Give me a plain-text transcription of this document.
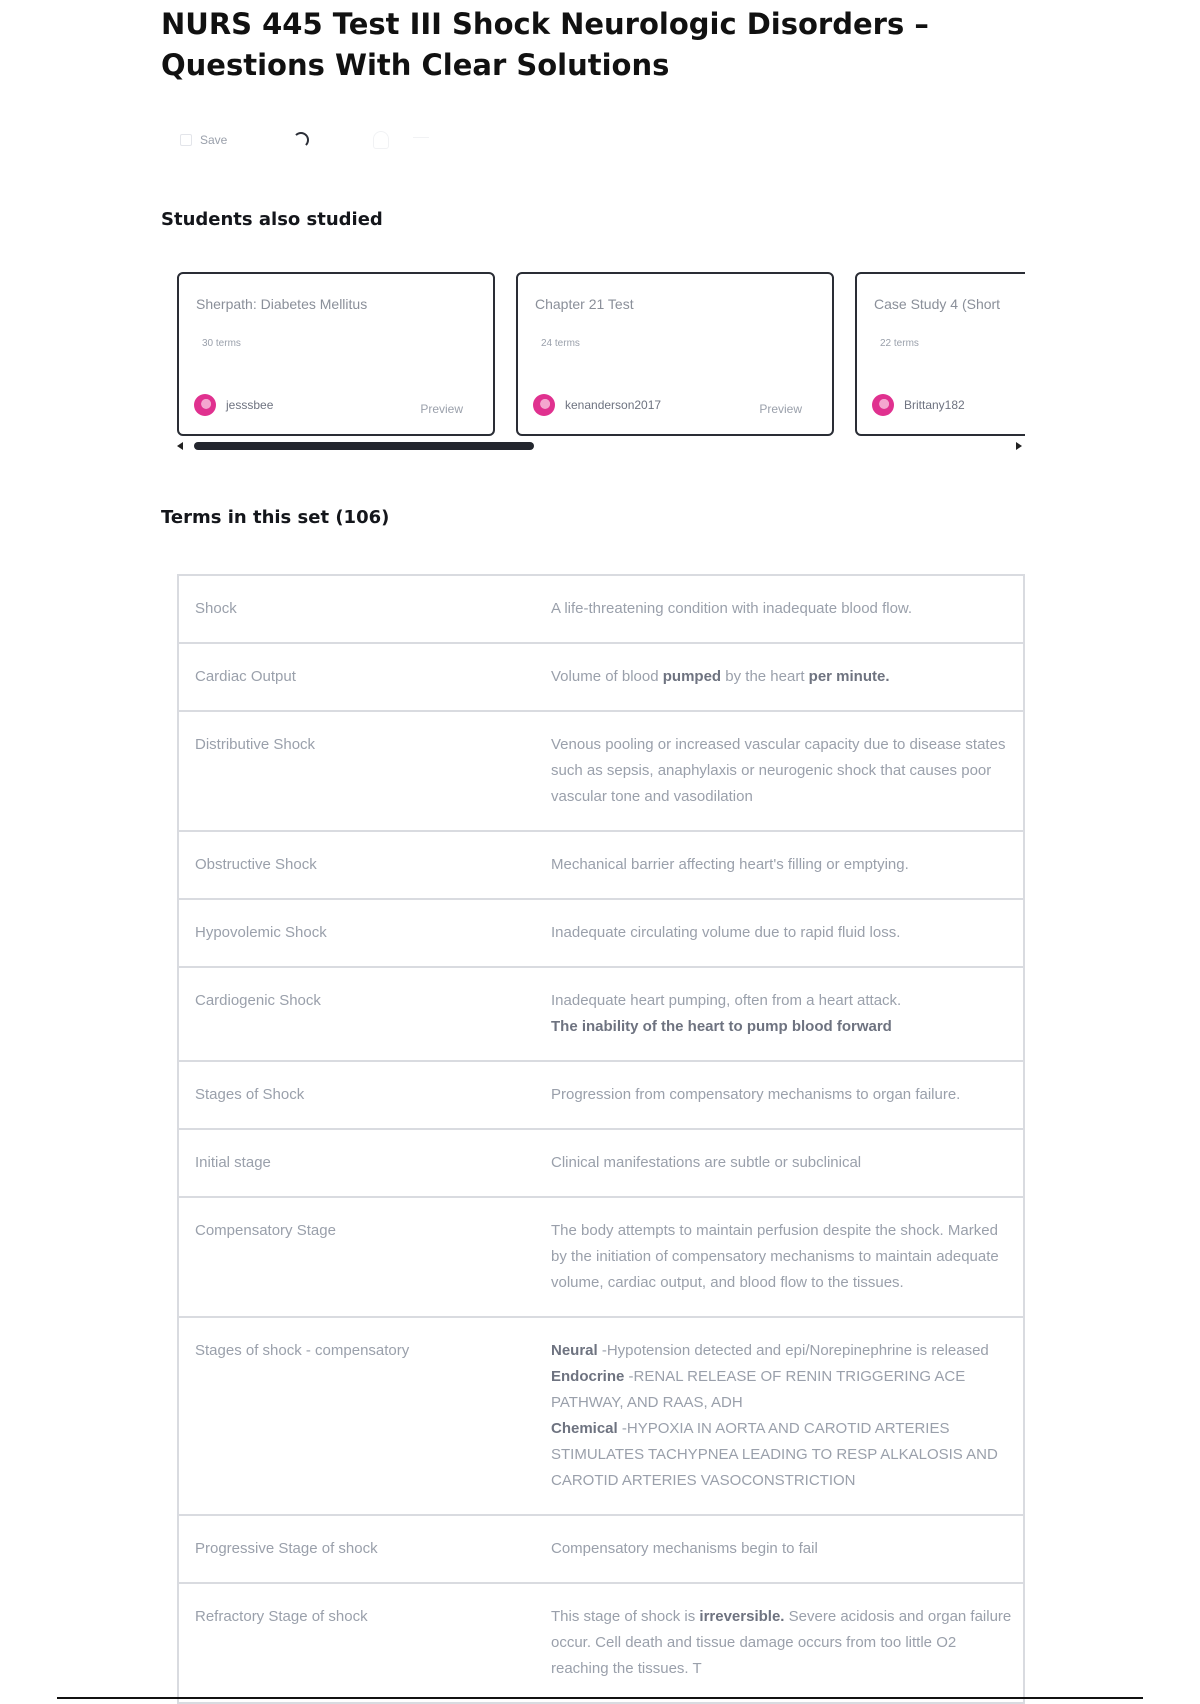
NURS 445 Test III Shock Neurologic Disorders – Questions With Clear Solutions
Save
Students also studied
Sherpath: Diabetes Mellitus
30 terms
jesssbee	Preview
Chapter 21 Test
24 terms
kenanderson2017	Preview
Case Study 4 (Short
22 terms
Brittany182
Terms in this set (106)
Shock	A life-threatening condition with inadequate blood flow.
Cardiac Output	Volume of blood pumped by the heart per minute.
Distributive Shock	Venous pooling or increased vascular capacity due to disease states such as sepsis, anaphylaxis or neurogenic shock that causes poor vascular tone and vasodilation
Obstructive Shock	Mechanical barrier affecting heart's filling or emptying.
Hypovolemic Shock	Inadequate circulating volume due to rapid fluid loss.
Cardiogenic Shock	Inadequate heart pumping, often from a heart attack.
The inability of the heart to pump blood forward
Stages of Shock	Progression from compensatory mechanisms to organ failure.
Initial stage	Clinical manifestations are subtle or subclinical
Compensatory Stage	The body attempts to maintain perfusion despite the shock. Marked by the initiation of compensatory mechanisms to maintain adequate volume, cardiac output, and blood flow to the tissues.
Stages of shock - compensatory	Neural -Hypotension detected and epi/Norepinephrine is released
Endocrine -RENAL RELEASE OF RENIN TRIGGERING ACE PATHWAY, AND RAAS, ADH
Chemical -HYPOXIA IN AORTA AND CAROTID ARTERIES STIMULATES TACHYPNEA LEADING TO RESP ALKALOSIS AND CAROTID ARTERIES VASOCONSTRICTION
Progressive Stage of shock	Compensatory mechanisms begin to fail
Refractory Stage of shock	This stage of shock is irreversible. Severe acidosis and organ failure occur. Cell death and tissue damage occurs from too little O2 reaching the tissues. T
